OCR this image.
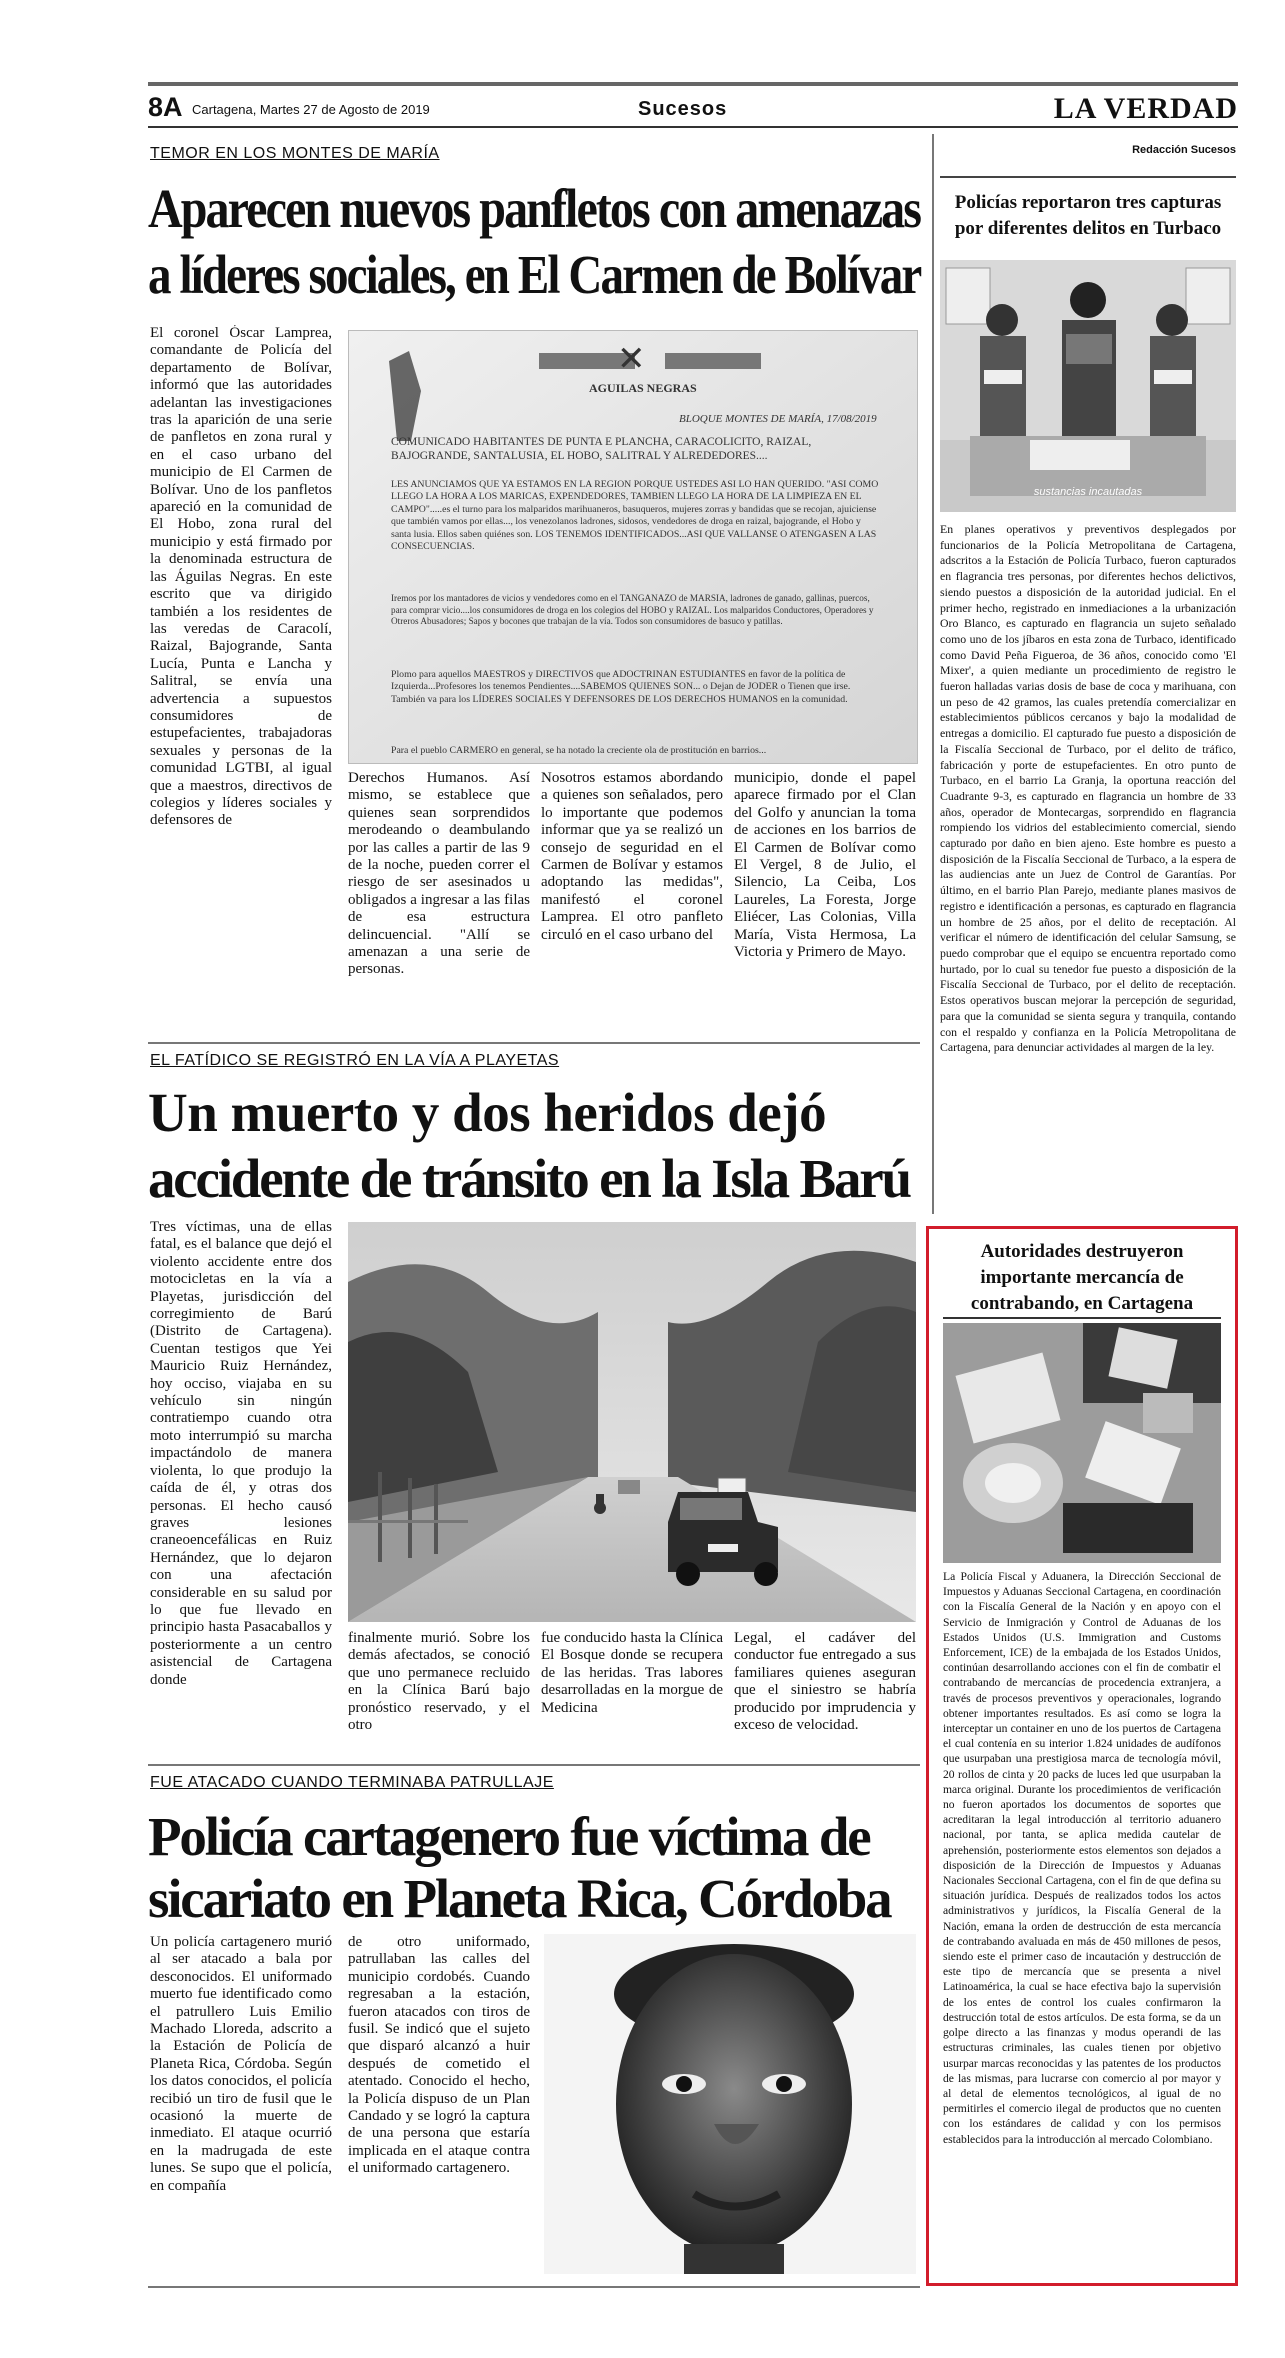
8A Cartagena, Martes 27 de Agosto de 2019	Sucesos	LA VERDAD
TEMOR EN LOS MONTES DE MARÍA
Aparecen nuevos panfletos con amenazas
a líderes sociales, en El Carmen de Bolívar

El coronel Óscar Lamprea, comandante de Policía del departamento de Bolívar, informó que las autoridades adelantan las investigaciones tras la aparición de una serie de panfletos en zona rural y en el caso urbano del municipio de El Carmen de Bolívar. Uno de los panfletos apareció en la comunidad de El Hobo, zona rural del municipio y está firmado por la denominada estructura de las Águilas Negras. En este escrito que va dirigido también a los residentes de las veredas de Caracolí, Raizal, Bajogrande, Santa Lucía, Punta e Lancha y Salitral, se envía una advertencia a supuestos consumidores de estupefacientes, trabajadoras sexuales y personas de la comunidad LGTBI, al igual que a maestros, directivos de colegios y líderes sociales y defensores de

✕
AGUILAS NEGRAS
BLOQUE MONTES DE MARÍA, 17/08/2019
COMUNICADO HABITANTES DE PUNTA E PLANCHA, CARACOLICITO, RAIZAL, BAJOGRANDE, SANTALUSIA, EL HOBO, SALITRAL Y ALREDEDORES....
LES ANUNCIAMOS QUE YA ESTAMOS EN LA REGION PORQUE USTEDES ASI LO HAN QUERIDO. "ASI COMO LLEGO LA HORA A LOS MARICAS, EXPENDEDORES, TAMBIEN LLEGO LA HORA DE LA LIMPIEZA EN EL CAMPO".....es el turno para los malparidos marihuaneros, basuqueros, mujeres zorras y bandidas que se recojan, ajuiciense que también vamos por ellas..., los venezolanos ladrones, sidosos, vendedores de droga en raizal, bajogrande, el Hobo y santa lusia. Ellos saben quiénes son. LOS TENEMOS IDENTIFICADOS...ASI QUE VALLANSE O ATENGASEN A LAS CONSECUENCIAS.
Iremos por los mantadores de vicios y vendedores como en el TANGANAZO de MARSIA, ladrones de ganado, gallinas, puercos, para comprar vicio....los consumidores de droga en los colegios del HOBO y RAIZAL. Los malparidos Conductores, Operadores y Otreros Abusadores; Sapos y bocones que trabajan de la vía. Todos son consumidores de basuco y patillas.
Plomo para aquellos MAESTROS y DIRECTIVOS que ADOCTRINAN ESTUDIANTES en favor de la política de Izquierda...Profesores los tenemos Pendientes....SABEMOS QUIENES SON... o Dejan de JODER o Tienen que irse. También va para los LÍDERES SOCIALES Y DEFENSORES DE LOS DERECHOS HUMANOS en la comunidad.
Para el pueblo CARMERO en general, se ha notado la creciente ola de prostitución en barrios...

Derechos Humanos. Así mismo, se establece que quienes sean sorprendidos merodeando o deambulando por las calles a partir de las 9 de la noche, pueden correr el riesgo de ser asesinados u obligados a ingresar a las filas de esa estructura delincuencial. "Allí se amenazan a una serie de personas.

Nosotros estamos abordando a quienes son señalados, pero lo importante que podemos informar que ya se realizó un consejo de seguridad en el Carmen de Bolívar y estamos adoptando las medidas", manifestó el coronel Lamprea. El otro panfleto circuló en el caso urbano del

municipio, donde el papel aparece firmado por el Clan del Golfo y anuncian la toma de acciones en los barrios de El Carmen de Bolívar como El Vergel, 8 de Julio, el Silencio, La Ceiba, Los Laureles, La Foresta, Jorge Eliécer, Las Colonias, Villa María, Vista Hermosa, La Victoria y Primero de Mayo.

EL FATÍDICO SE REGISTRÓ EN LA VÍA A PLAYETAS
Un muerto y dos heridos dejó
accidente de tránsito en la Isla Barú

Tres víctimas, una de ellas fatal, es el balance que dejó el violento accidente entre dos motocicletas en la vía a Playetas, jurisdicción del corregimiento de Barú (Distrito de Cartagena). Cuentan testigos que Yei Mauricio Ruiz Hernández, hoy occiso, viajaba en su vehículo sin ningún contratiempo cuando otra moto interrumpió su marcha impactándolo de manera violenta, lo que produjo la caída de él, y otras dos personas. El hecho causó graves lesiones craneoencefálicas en Ruiz Hernández, que lo dejaron con una afectación considerable en su salud por lo que fue llevado en principio hasta Pasacaballos y posteriormente a un centro asistencial de Cartagena donde

finalmente murió. Sobre los demás afectados, se conoció que uno permanece recluido en la Clínica Barú bajo pronóstico reservado, y el otro

fue conducido hasta la Clínica El Bosque donde se recupera de las heridas. Tras labores desarrolladas en la morgue de Medicina

Legal, el cadáver del conductor fue entregado a sus familiares quienes aseguran que el siniestro se habría producido por imprudencia y exceso de velocidad.

FUE ATACADO CUANDO TERMINABA PATRULLAJE
Policía cartagenero fue víctima de
sicariato en Planeta Rica, Córdoba

Un policía cartagenero murió al ser atacado a bala por desconocidos. El uniformado muerto fue identificado como el patrullero Luis Emilio Machado Lloreda, adscrito a la Estación de Policía de Planeta Rica, Córdoba. Según los datos conocidos, el policía recibió un tiro de fusil que le ocasionó la muerte de inmediato. El ataque ocurrió en la madrugada de este lunes. Se supo que el policía, en compañía

de otro uniformado, patrullaban las calles del municipio cordobés. Cuando regresaban a la estación, fueron atacados con tiros de fusil. Se indicó que el sujeto que disparó alcanzó a huir después de cometido el atentado. Conocido el hecho, la Policía dispuso de un Plan Candado y se logró la captura de una persona que estaría implicada en el ataque contra el uniformado cartagenero.

Redacción Sucesos
Policías reportaron tres capturas por diferentes delitos en Turbaco
sustancias incautadas

En planes operativos y preventivos desplegados por funcionarios de la Policía Metropolitana de Cartagena, adscritos a la Estación de Policía Turbaco, fueron capturados en flagrancia tres personas, por diferentes hechos delictivos, siendo puestos a disposición de la autoridad judicial. En el primer hecho, registrado en inmediaciones a la urbanización Oro Blanco, es capturado en flagrancia un sujeto señalado como uno de los jíbaros en esta zona de Turbaco, identificado como David Peña Figueroa, de 36 años, conocido como 'El Mixer', a quien mediante un procedimiento de registro le fueron halladas varias dosis de base de coca y marihuana, con un peso de 42 gramos, las cuales pretendía comercializar en establecimientos públicos cercanos y bajo la modalidad de entregas a domicilio. El capturado fue puesto a disposición de la Fiscalía Seccional de Turbaco, por el delito de tráfico, fabricación y porte de estupefacientes. En otro punto de Turbaco, en el barrio La Granja, la oportuna reacción del Cuadrante 9-3, es capturado en flagrancia un hombre de 33 años, operador de Montecargas, sorprendido en flagrancia rompiendo los vidrios del establecimiento comercial, siendo capturado por daño en bien ajeno. Este hombre es puesto a disposición de la Fiscalía Seccional de Turbaco, a la espera de las audiencias ante un Juez de Control de Garantías. Por último, en el barrio Plan Parejo, mediante planes masivos de registro e identificación a personas, es capturado en flagrancia un hombre de 25 años, por el delito de receptación. Al verificar el número de identificación del celular Samsung, se puedo comprobar que el equipo se encuentra reportado como hurtado, por lo cual su tenedor fue puesto a disposición de la Fiscalía Seccional de Turbaco, por el delito de receptación. Estos operativos buscan mejorar la percepción de seguridad, para que la comunidad se sienta segura y tranquila, contando con el respaldo y confianza en la Policía Metropolitana de Cartagena, para denunciar actividades al margen de la ley.

Autoridades destruyeron importante mercancía de contrabando, en Cartagena

La Policía Fiscal y Aduanera, la Dirección Seccional de Impuestos y Aduanas Seccional Cartagena, en coordinación con la Fiscalía General de la Nación y en apoyo con el Servicio de Inmigración y Control de Aduanas de los Estados Unidos (U.S. Immigration and Customs Enforcement, ICE) de la embajada de los Estados Unidos, continúan desarrollando acciones con el fin de combatir el contrabando de mercancías de procedencia extranjera, a través de procesos preventivos y operacionales, logrando obtener importantes resultados. Es así como se logra la interceptar un container en uno de los puertos de Cartagena el cual contenía en su interior 1.824 unidades de audífonos que usurpaban una prestigiosa marca de tecnología móvil, 20 rollos de cinta y 20 packs de luces led que usurpaban la marca original. Durante los procedimientos de verificación no fueron aportados los documentos de soportes que acreditaran la legal introducción al territorio aduanero nacional, por tanta, se aplica medida cautelar de aprehensión, posteriormente estos elementos son dejados a disposición de la Dirección de Impuestos y Aduanas Nacionales Seccional Cartagena, con el fin de que defina su situación jurídica. Después de realizados todos los actos administrativos y jurídicos, la Fiscalía General de la Nación, emana la orden de destrucción de esta mercancía de contrabando avaluada en más de 450 millones de pesos, siendo este el primer caso de incautación y destrucción de este tipo de mercancía que se presenta a nivel Latinoamérica, la cual se hace efectiva bajo la supervisión de los entes de control los cuales confirmaron la destrucción total de estos artículos. De esta forma, se da un golpe directo a las finanzas y modus operandi de las estructuras criminales, las cuales tienen por objetivo usurpar marcas reconocidas y las patentes de los productos de las mismas, para lucrarse con comercio al por mayor y al detal de elementos tecnológicos, al igual de no permitirles el comercio ilegal de productos que no cuenten con los estándares de calidad y con los permisos establecidos para la introducción al mercado Colombiano.
